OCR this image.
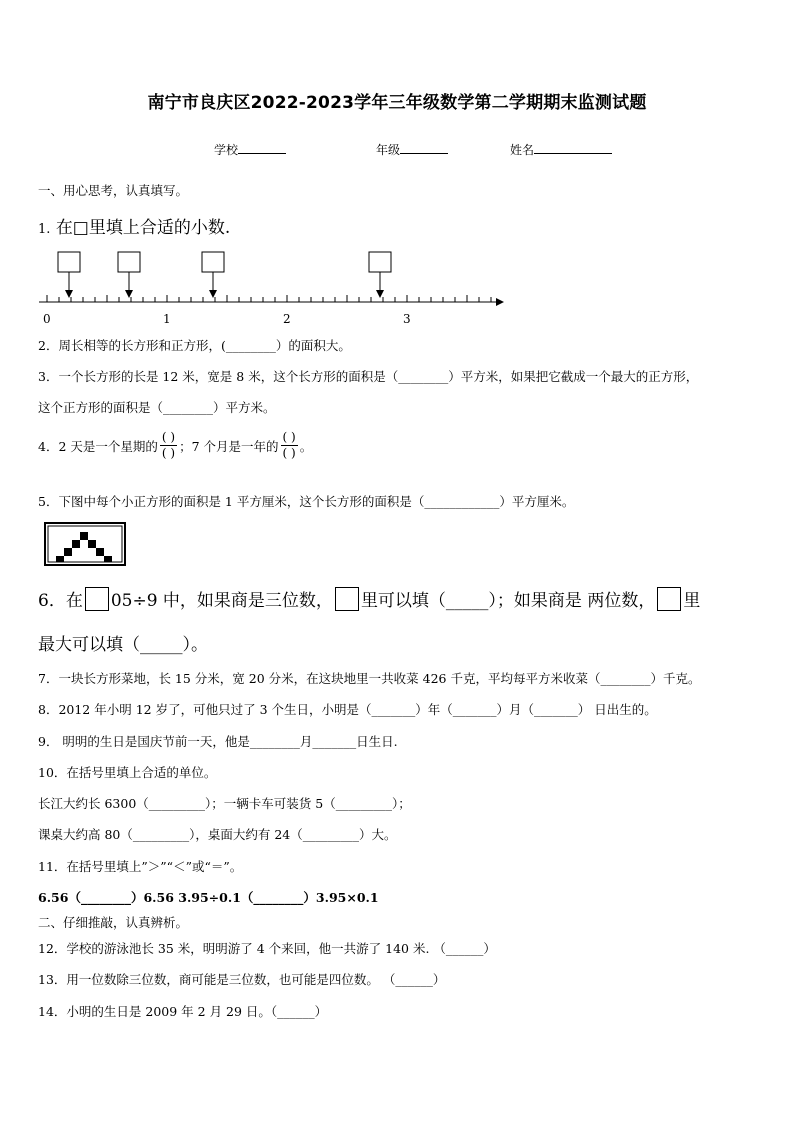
南宁市良庆区2022-2023学年三年级数学第二学期期末监测试题
学校	年级	姓名
一、用心思考，认真填写。
1. 在□里填上合适的小数.
0	1	2	3
2．周长相等的长方形和正方形，(________）的面积大。
3．一个长方形的长是 12 米，宽是 8 米，这个长方形的面积是（________）平方米，如果把它截成一个最大的正方形，
这个正方形的面积是（________）平方米。
4．2 天是一个星期的 $\frac{( )}{( )}$ ；7 个月是一年的 $\frac{( )}{( )}$ 。
5．下图中每个小正方形的面积是 1 平方厘米，这个长方形的面积是（____________）平方厘米。
6．在 05÷9 中，如果商是三位数， 里可以填（_____）；如果商是 两位数， 里
最大可以填（_____）。
7．一块长方形菜地，长 15 分米，宽 20 分米，在这块地里一共收菜 426 千克，平均每平方米收菜（________）千克。
8．2012 年小明 12 岁了，可他只过了 3 个生日，小明是（_______）年（_______）月（_______） 日出生的。
9． 明明的生日是国庆节前一天，他是________月_______日生日.
10．在括号里填上合适的单位。
长江大约长 6300（_________）；一辆卡车可装货 5（_________）；
课桌大约高 80（_________），桌面大约有 24（_________）大。
11．在括号里填上”＞”“＜”或“＝”。
6.56（________）6.56 3.95÷0.1（________）3.95×0.1
二、仔细推敲，认真辨析。
12．学校的游泳池长 35 米，明明游了 4 个来回，他一共游了 140 米. （______）
13．用一位数除三位数，商可能是三位数，也可能是四位数。 （______）
14．小明的生日是 2009 年 2 月 29 日。（______）
